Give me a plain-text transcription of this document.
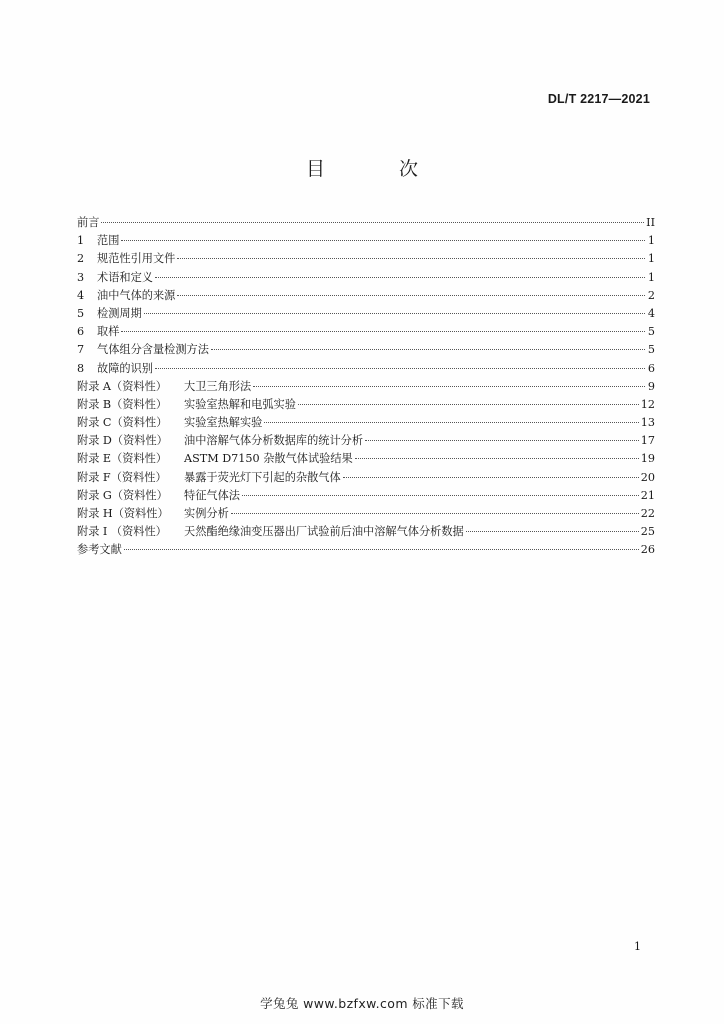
DL/T 2217—2021
目 次
前言	II
1 范围	1
2 规范性引用文件	1
3 术语和定义	1
4 油中气体的来源	2
5 检测周期	4
6 取样	5
7 气体组分含量检测方法	5
8 故障的识别	6
附录 A（资料性） 大卫三角形法	9
附录 B（资料性） 实验室热解和电弧实验	12
附录 C（资料性） 实验室热解实验	13
附录 D（资料性） 油中溶解气体分析数据库的统计分析	17
附录 E（资料性） ASTM D7150 杂散气体试验结果	19
附录 F（资料性） 暴露于荧光灯下引起的杂散气体	20
附录 G（资料性） 特征气体法	21
附录 H（资料性） 实例分析	22
附录 I （资料性） 天然酯绝缘油变压器出厂试验前后油中溶解气体分析数据	25
参考文献	26
1
学兔兔 www.bzfxw.com 标准下载
